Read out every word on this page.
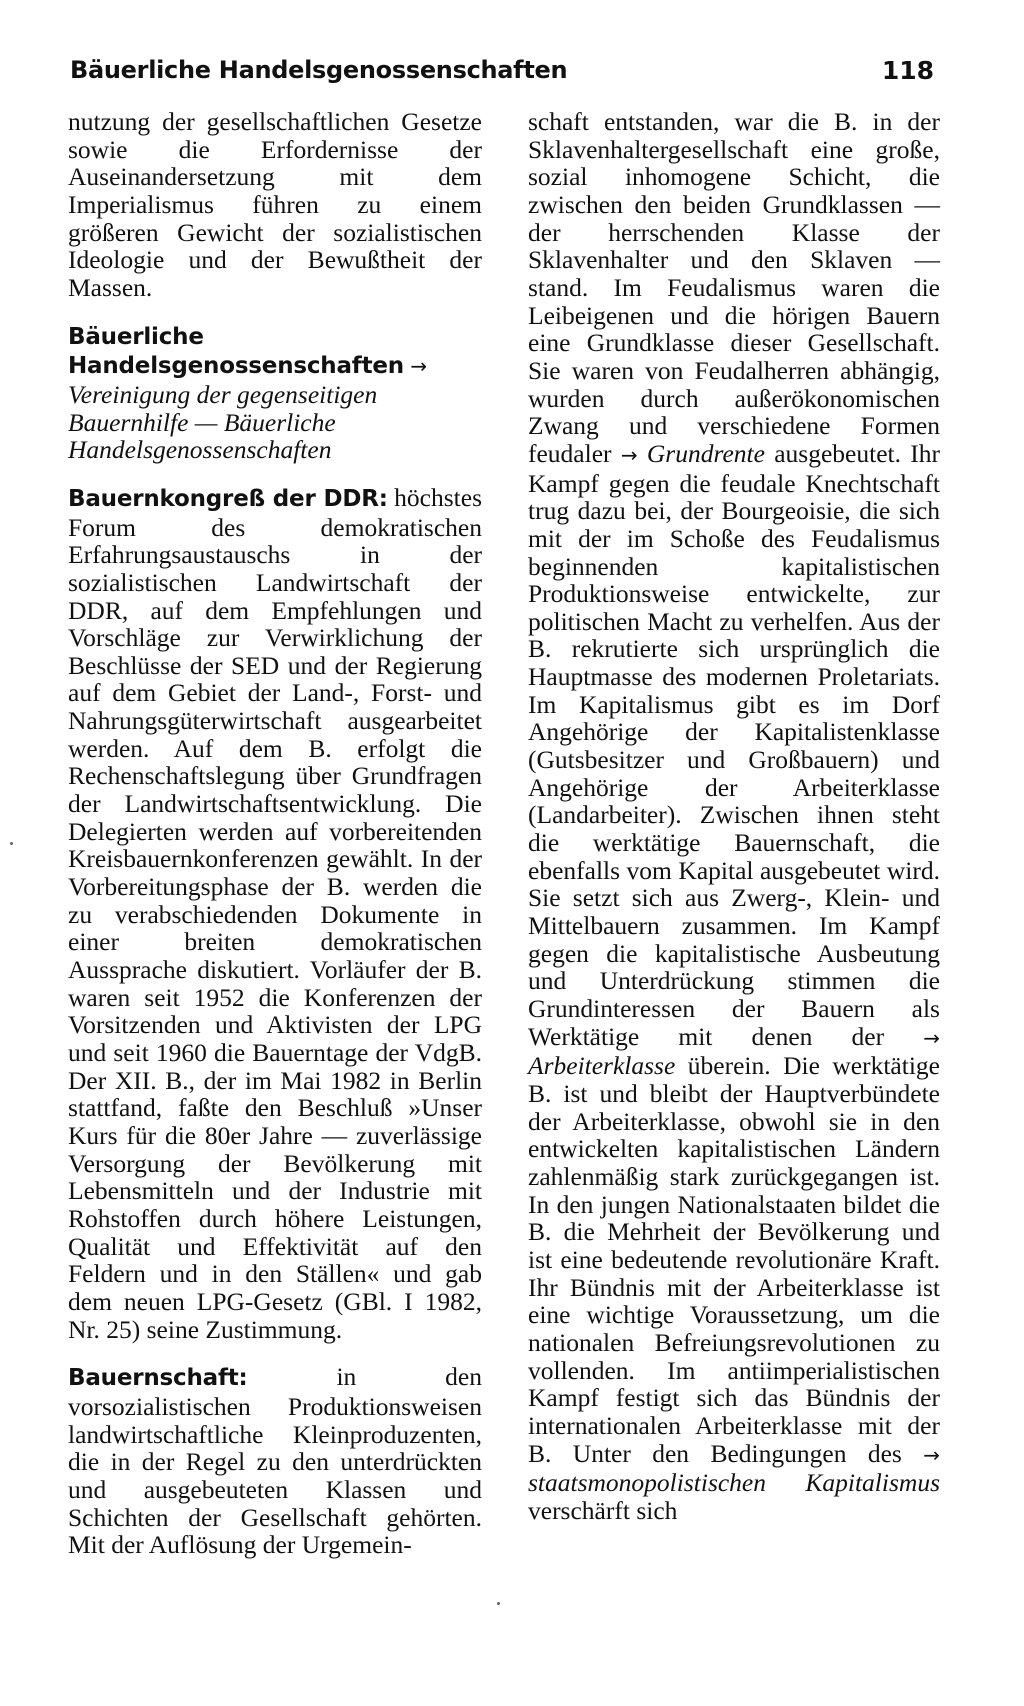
Bäuerliche Handelsgenossenschaften	118

nutzung der gesellschaftlichen Gesetze sowie die Erfordernisse der Auseinandersetzung mit dem Imperialismus führen zu einem größeren Gewicht der sozialistischen Ideologie und der Bewußtheit der Massen.

Bäuerliche Handelsgenossenschaften → Vereinigung der gegenseitigen Bauernhilfe — Bäuerliche Handelsgenossenschaften

Bauernkongreß der DDR: höchstes Forum des demokratischen Erfahrungsaustauschs in der sozialistischen Landwirtschaft der DDR, auf dem Empfehlungen und Vorschläge zur Verwirklichung der Beschlüsse der SED und der Regierung auf dem Gebiet der Land-, Forst- und Nahrungsgüterwirtschaft ausgearbeitet werden. Auf dem B. erfolgt die Rechenschaftslegung über Grundfragen der Landwirtschaftsentwicklung. Die Delegierten werden auf vorbereitenden Kreisbauernkonferenzen gewählt. In der Vorbereitungsphase der B. werden die zu verabschiedenden Dokumente in einer breiten demokratischen Aussprache diskutiert. Vorläufer der B. waren seit 1952 die Konferenzen der Vorsitzenden und Aktivisten der LPG und seit 1960 die Bauerntage der VdgB. Der XII. B., der im Mai 1982 in Berlin stattfand, faßte den Beschluß »Unser Kurs für die 80er Jahre — zuverlässige Versorgung der Bevölkerung mit Lebensmitteln und der Industrie mit Rohstoffen durch höhere Leistungen, Qualität und Effektivität auf den Feldern und in den Ställen« und gab dem neuen LPG-Gesetz (GBl. I 1982, Nr. 25) seine Zustimmung.

Bauernschaft:	in den vorsozialistischen Produktionsweisen landwirtschaftliche Kleinproduzenten, die in der Regel zu den unterdrückten und ausgebeuteten Klassen und Schichten der Gesellschaft gehörten. Mit der Auflösung der Urgemein-

schaft entstanden, war die B. in der Sklavenhaltergesellschaft eine große, sozial inhomogene Schicht, die zwischen den beiden Grundklassen — der herrschenden Klasse der Sklavenhalter und den Sklaven — stand. Im Feudalismus waren die Leibeigenen und die hörigen Bauern eine Grundklasse dieser Gesellschaft. Sie waren von Feudalherren abhängig, wurden durch außerökonomischen Zwang und verschiedene Formen feudaler → Grundrente ausgebeutet. Ihr Kampf gegen die feudale Knechtschaft trug dazu bei, der Bourgeoisie, die sich mit der im Schoße des Feudalismus beginnenden kapitalistischen Produktionsweise entwickelte, zur politischen Macht zu verhelfen. Aus der B. rekrutierte sich ursprünglich die Hauptmasse des modernen Proletariats. Im Kapitalismus gibt es im Dorf Angehörige der Kapitalistenklasse (Gutsbesitzer und Großbauern) und Angehörige der Arbeiterklasse (Landarbeiter). Zwischen ihnen steht die werktätige Bauernschaft, die ebenfalls vom Kapital ausgebeutet wird. Sie setzt sich aus Zwerg-, Klein- und Mittelbauern zusammen. Im Kampf gegen die kapitalistische Ausbeutung und Unterdrückung stimmen die Grundinteressen der Bauern als Werktätige mit denen der → Arbeiterklasse überein. Die werktätige B. ist und bleibt der Hauptverbündete der Arbeiterklasse, obwohl sie in den entwickelten kapitalistischen Ländern zahlenmäßig stark zurückgegangen ist. In den jungen Nationalstaaten bildet die B. die Mehrheit der Bevölkerung und ist eine bedeutende revolutionäre Kraft. Ihr Bündnis mit der Arbeiterklasse ist eine wichtige Voraussetzung, um die nationalen Befreiungsrevolutionen zu vollenden. Im antiimperialistischen Kampf festigt sich das Bündnis der internationalen Arbeiterklasse mit der B. Unter den Bedingungen des → staatsmonopolistischen Kapitalismus verschärft sich
